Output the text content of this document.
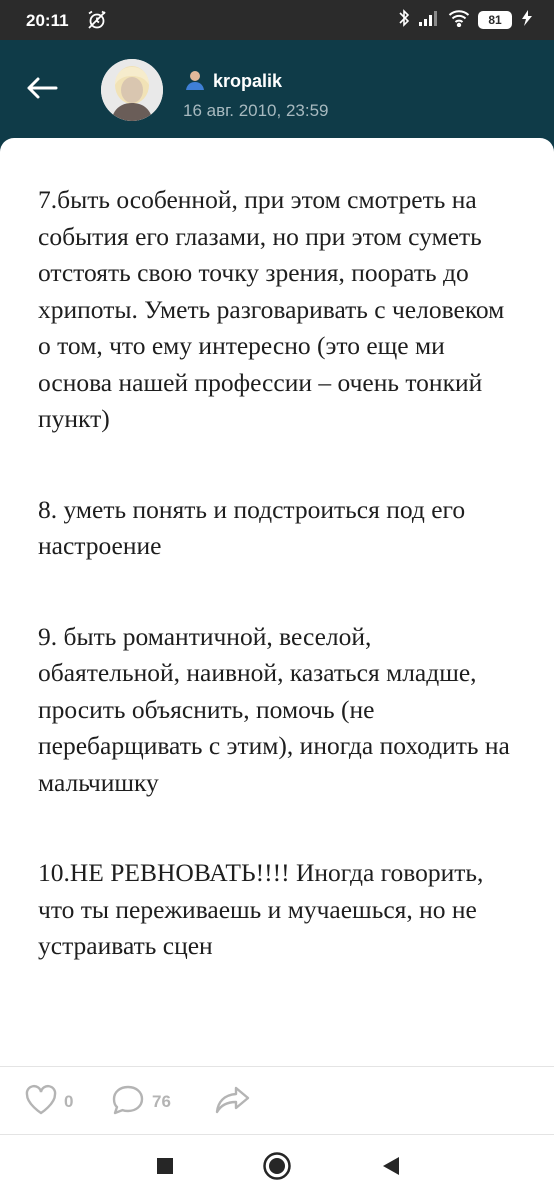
20:11	81
kropalik
16 авг. 2010, 23:59

7.быть особенной, при этом смотреть на события его глазами, но при этом суметь отстоять свою точку зрения, поорать до хрипоты. Уметь разговаривать с человеком о том, что ему интересно (это еще ми основа нашей профессии – очень тонкий пункт)

8. уметь понять и подстроиться под его настроение

9. быть романтичной, веселой, обаятельной, наивной, казаться младше, просить объяснить, помочь (не перебарщивать с этим), иногда походить на мальчишку

10.НЕ РЕВНОВАТЬ!!!! Иногда говорить, что ты переживаешь и мучаешься, но не устраивать сцен

0	76
